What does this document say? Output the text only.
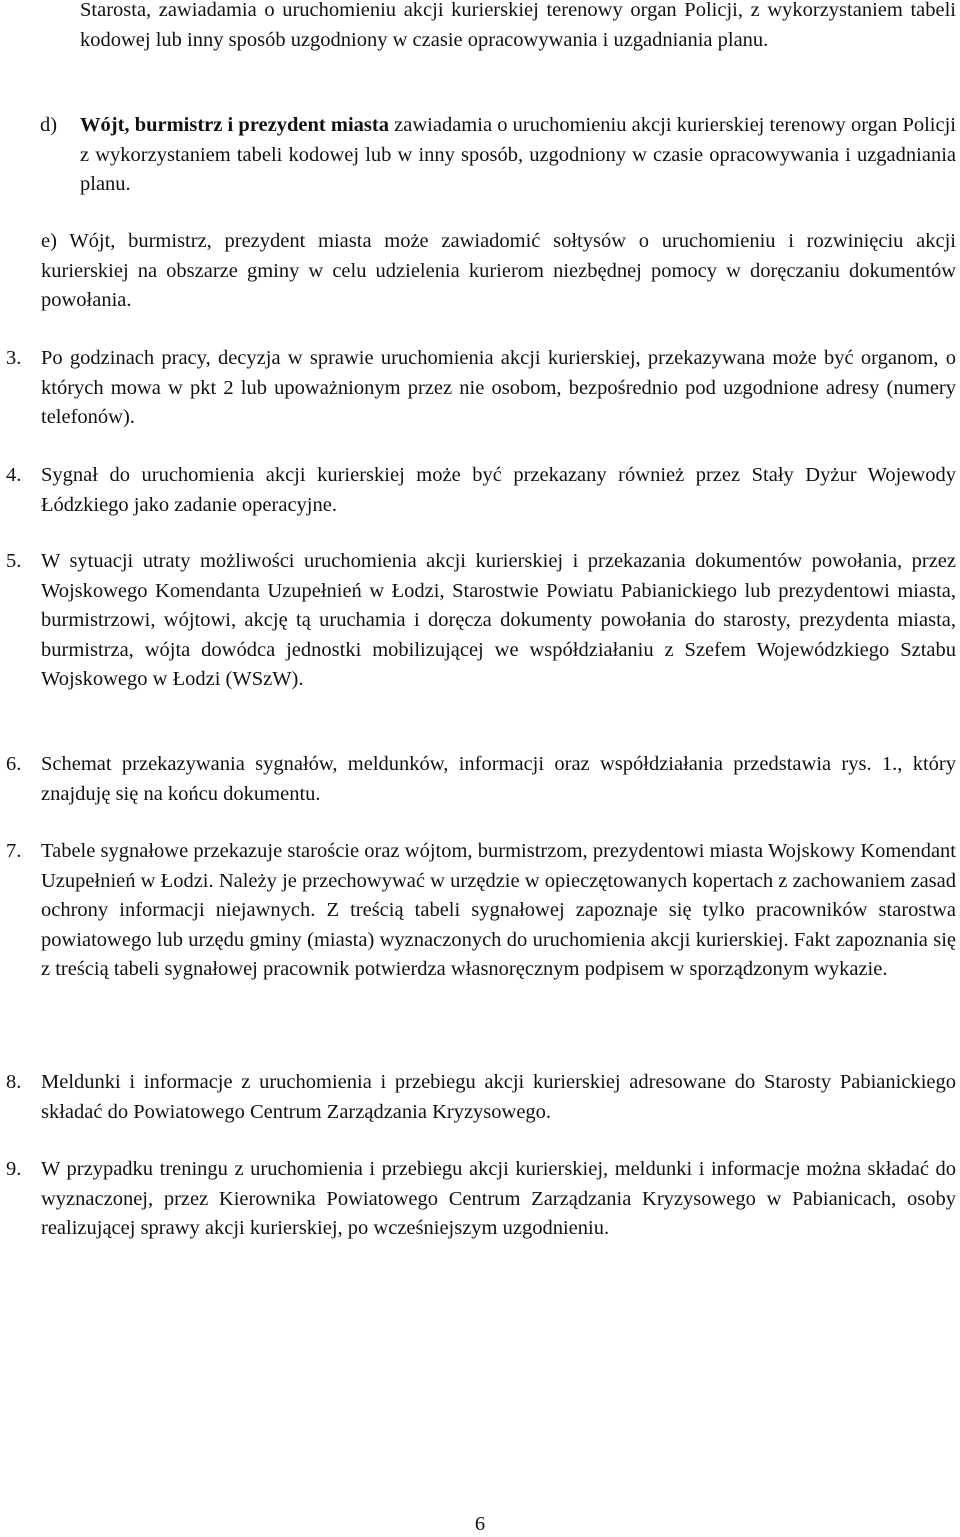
Starosta, zawiadamia o uruchomieniu akcji kurierskiej terenowy organ Policji, z wykorzystaniem tabeli kodowej lub inny sposób uzgodniony w czasie opracowywania i uzgadniania planu.
d) Wójt, burmistrz i prezydent miasta zawiadamia o uruchomieniu akcji kurierskiej terenowy organ Policji z wykorzystaniem tabeli kodowej lub w inny sposób, uzgodniony w czasie opracowywania i uzgadniania planu.
e) Wójt, burmistrz, prezydent miasta może zawiadomić sołtysów o uruchomieniu i rozwinięciu akcji kurierskiej na obszarze gminy w celu udzielenia kurierom niezbędnej pomocy w doręczaniu dokumentów powołania.
3. Po godzinach pracy, decyzja w sprawie uruchomienia akcji kurierskiej, przekazywana może być organom, o których mowa w pkt 2 lub upoważnionym przez nie osobom, bezpośrednio pod uzgodnione adresy (numery telefonów).
4. Sygnał do uruchomienia akcji kurierskiej może być przekazany również przez Stały Dyżur Wojewody Łódzkiego jako zadanie operacyjne.
5. W sytuacji utraty możliwości uruchomienia akcji kurierskiej i przekazania dokumentów powołania, przez Wojskowego Komendanta Uzupełnień w Łodzi, Starostwie Powiatu Pabianickiego lub prezydentowi miasta, burmistrzowi, wójtowi, akcję tą uruchamia i doręcza dokumenty powołania do starosty, prezydenta miasta, burmistrza, wójta dowódca jednostki mobilizującej we współdziałaniu z Szefem Wojewódzkiego Sztabu Wojskowego w Łodzi (WSzW).
6. Schemat przekazywania sygnałów, meldunków, informacji oraz współdziałania przedstawia rys. 1., który znajduję się na końcu dokumentu.
7. Tabele sygnałowe przekazuje staroście oraz wójtom, burmistrzom, prezydentowi miasta Wojskowy Komendant Uzupełnień w Łodzi. Należy je przechowywać w urzędzie w opieczętowanych kopertach z zachowaniem zasad ochrony informacji niejawnych. Z treścią tabeli sygnałowej zapoznaje się tylko pracowników starostwa powiatowego lub urzędu gminy (miasta) wyznaczonych do uruchomienia akcji kurierskiej. Fakt zapoznania się z treścią tabeli sygnałowej pracownik potwierdza własnoręcznym podpisem w sporządzonym wykazie.
8. Meldunki i informacje z uruchomienia i przebiegu akcji kurierskiej adresowane do Starosty Pabianickiego składać do Powiatowego Centrum Zarządzania Kryzysowego.
9. W przypadku treningu z uruchomienia i przebiegu akcji kurierskiej, meldunki i informacje można składać do wyznaczonej, przez Kierownika Powiatowego Centrum Zarządzania Kryzysowego w Pabianicach, osoby realizującej sprawy akcji kurierskiej, po wcześniejszym uzgodnieniu.
6
